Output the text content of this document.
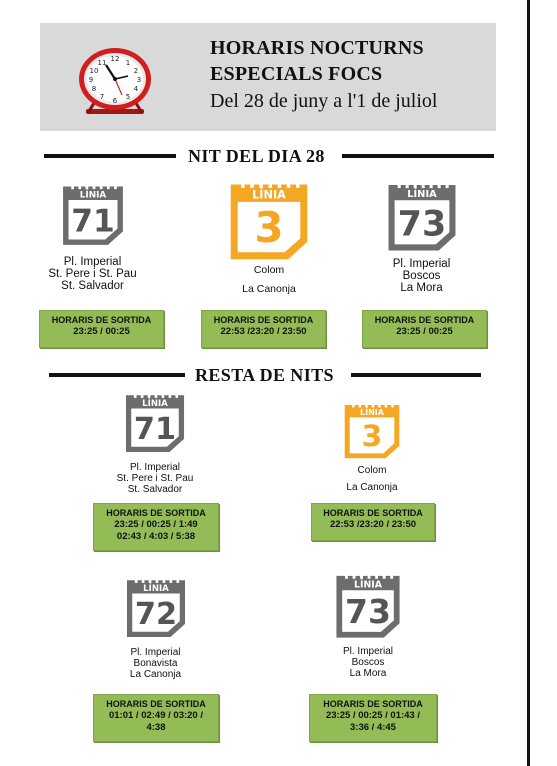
12 1
2
3
4
5
6
7
8
9
10
11
HORARIS NOCTURNS
ESPECIALS FOCS
Del 28 de juny a l'1 de juliol
NIT DEL DIA 28
RESTA DE NITS
LÍNIA
71
Pl. Imperial
St. Pere i St. Pau
St. Salvador
HORARIS DE SORTIDA
23:25 / 00:25
LÍNIA
3
Colom
La Canonja
HORARIS DE SORTIDA
22:53 /23:20 / 23:50
LÍNIA
73
Pl. Imperial
Boscos
La Mora
HORARIS DE SORTIDA
23:25 / 00:25
LÍNIA
71
Pl. Imperial
St. Pere i St. Pau
St. Salvador
HORARIS DE SORTIDA
23:25 / 00:25 / 1:49
02:43 / 4:03 / 5:38
LÍNIA
3
Colom
La Canonja
HORARIS DE SORTIDA
22:53 /23:20 / 23:50
LÍNIA
72
Pl. Imperial
Bonavista
La Canonja
HORARIS DE SORTIDA
01:01 / 02:49 / 03:20 /
4:38
LÍNIA
73
Pl. Imperial
Boscos
La Mora
HORARIS DE SORTIDA
23:25 / 00:25 / 01:43 /
3:36 / 4:45
